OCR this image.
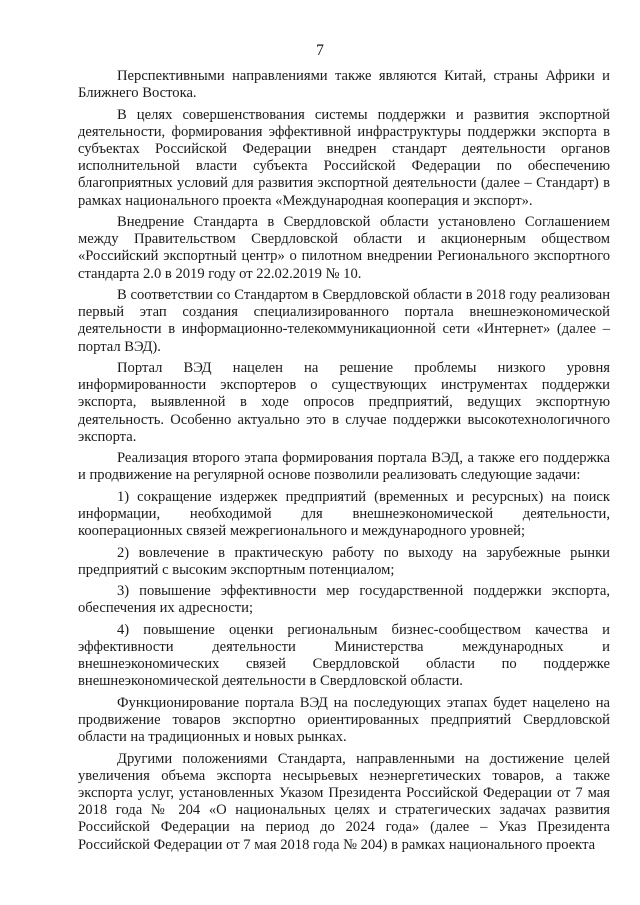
7

Перспективными направлениями также являются Китай, страны Африки и Ближнего Востока.

В целях совершенствования системы поддержки и развития экспортной деятельности, формирования эффективной инфраструктуры поддержки экспорта в субъектах Российской Федерации внедрен стандарт деятельности органов исполнительной власти субъекта Российской Федерации по обеспечению благоприятных условий для развития экспортной деятельности (далее – Стандарт) в рамках национального проекта «Международная кооперация и экспорт».

Внедрение Стандарта в Свердловской области установлено Соглашением между Правительством Свердловской области и акционерным обществом «Российский экспортный центр» о пилотном внедрении Регионального экспортного стандарта 2.0 в 2019 году от 22.02.2019 № 10.

В соответствии со Стандартом в Свердловской области в 2018 году реализован первый этап создания специализированного портала внешнеэкономической деятельности в информационно-телекоммуникационной сети «Интернет» (далее – портал ВЭД).

Портал ВЭД нацелен на решение проблемы низкого уровня информированности экспортеров о существующих инструментах поддержки экспорта, выявленной в ходе опросов предприятий, ведущих экспортную деятельность. Особенно актуально это в случае поддержки высокотехнологичного экспорта.

Реализация второго этапа формирования портала ВЭД, а также его поддержка и продвижение на регулярной основе позволили реализовать следующие задачи:

1) сокращение издержек предприятий (временных и ресурсных) на поиск информации, необходимой для внешнеэкономической деятельности, кооперационных связей межрегионального и международного уровней;

2) вовлечение в практическую работу по выходу на зарубежные рынки предприятий с высоким экспортным потенциалом;

3) повышение эффективности мер государственной поддержки экспорта, обеспечения их адресности;

4) повышение оценки региональным бизнес-сообществом качества и эффективности деятельности Министерства международных и внешнеэкономических связей Свердловской области по поддержке внешнеэкономической деятельности в Свердловской области.

Функционирование портала ВЭД на последующих этапах будет нацелено на продвижение товаров экспортно ориентированных предприятий Свердловской области на традиционных и новых рынках.

Другими положениями Стандарта, направленными на достижение целей увеличения объема экспорта несырьевых неэнергетических товаров, а также экспорта услуг, установленных Указом Президента Российской Федерации от 7 мая 2018 года № 204 «О национальных целях и стратегических задачах развития Российской Федерации на период до 2024 года» (далее – Указ Президента Российской Федерации от 7 мая 2018 года № 204) в рамках национального проекта
